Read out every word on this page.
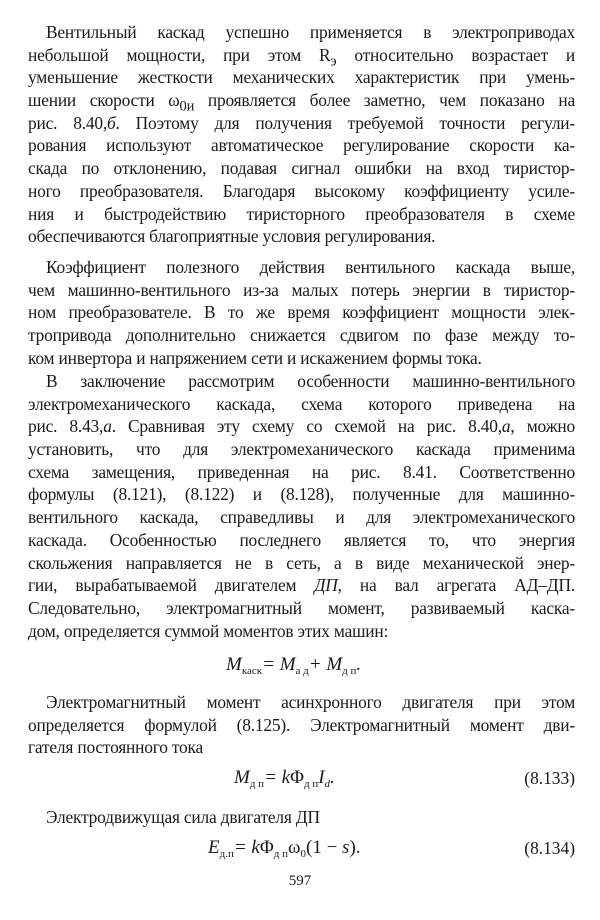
Вентильный каскад успешно применяется в электроприводах
небольшой мощности, при этом $R_э$ относительно возрастает и
уменьшение жесткости механических характеристик при умень-
шении скорости $\omega_{0и}$ проявляется более заметно, чем показано на
рис. 8.40,б. Поэтому для получения требуемой точности регули-
рования используют автоматическое регулирование скорости ка-
скада по отклонению, подавая сигнал ошибки на вход тиристор-
ного преобразователя. Благодаря высокому коэффициенту усиле-
ния и быстродействию тиристорного преобразователя в схеме
обеспечиваются благоприятные условия регулирования.
Коэффициент полезного действия вентильного каскада выше,
чем машинно-вентильного из-за малых потерь энергии в тиристор-
ном преобразователе. В то же время коэффициент мощности элек-
тропривода дополнительно снижается сдвигом по фазе между то-
ком инвертора и напряжением сети и искажением формы тока.
В заключение рассмотрим особенности машинно-вентильного
электромеханического каскада, схема которого приведена на
рис. 8.43,а. Сравнивая эту схему со схемой на рис. 8.40,а, можно
установить, что для электромеханического каскада применима
схема замещения, приведенная на рис. 8.41. Соответственно
формулы (8.121), (8.122) и (8.128), полученные для машинно-
вентильного каскада, справедливы и для электромеханического
каскада. Особенностью последнего является то, что энергия
скольжения направляется не в сеть, а в виде механической энер-
гии, вырабатываемой двигателем ДП, на вал агрегата АД–ДП.
Следовательно, электромагнитный момент, развиваемый каска-
дом, определяется суммой моментов этих машин:
$M_{каск}= M_{а д}+ M_{д п}$.
Электромагнитный момент асинхронного двигателя при этом
определяется формулой (8.125). Электромагнитный момент дви-
гателя постоянного тока
$M_{д п}= k\Phi_{д п}I_d$.	(8.133)
Электродвижущая сила двигателя ДП
$E_{д.п}= k\Phi_{д п}\omega_0(1 - s)$.	(8.134)
597
